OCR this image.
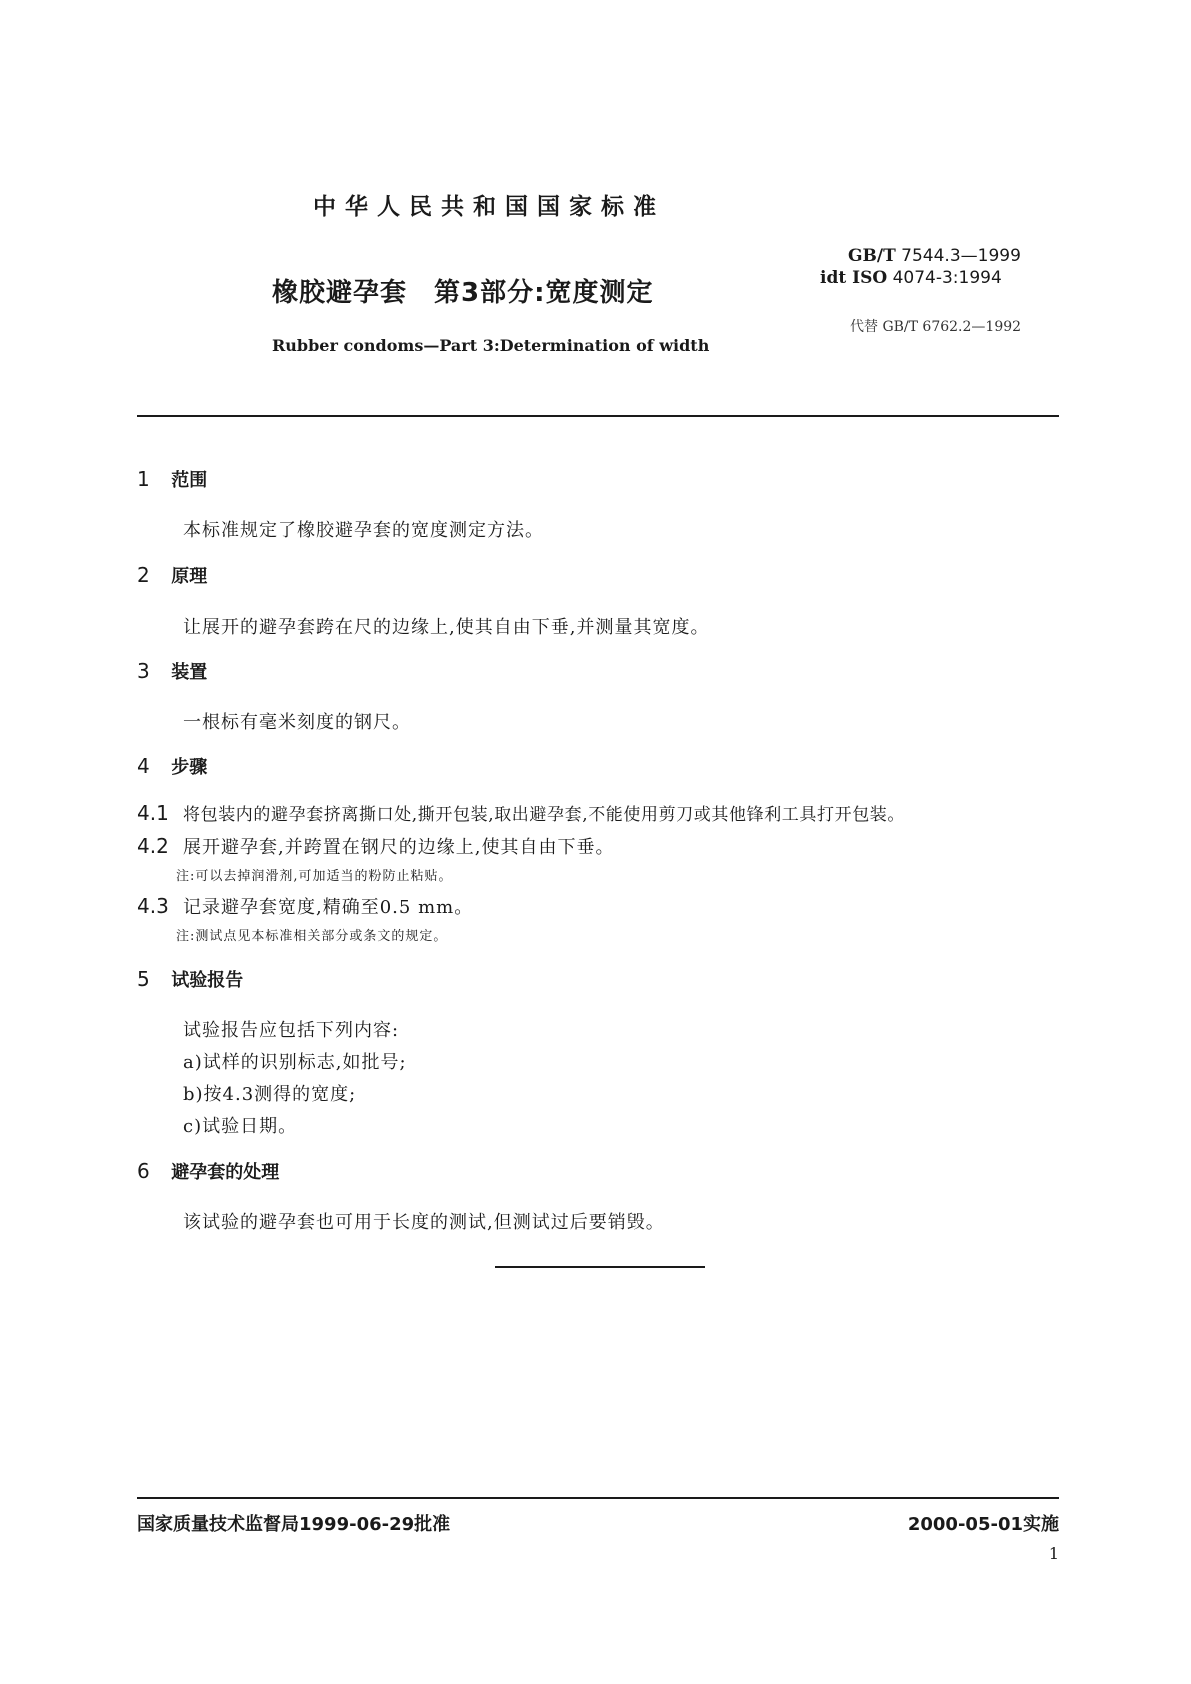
中华人民共和国国家标准
橡胶避孕套　第3部分:宽度测定
Rubber condoms—Part 3:Determination of width
GB/T 7544.3—1999
idt ISO 4074-3:1994
代替 GB/T 6762.2—1992
1 范围
本标准规定了橡胶避孕套的宽度测定方法。
2 原理
让展开的避孕套跨在尺的边缘上,使其自由下垂,并测量其宽度。
3 装置
一根标有毫米刻度的钢尺。
4 步骤
4.1 将包装内的避孕套挤离撕口处,撕开包装,取出避孕套,不能使用剪刀或其他锋利工具打开包装。
4.2 展开避孕套,并跨置在钢尺的边缘上,使其自由下垂。
注:可以去掉润滑剂,可加适当的粉防止粘贴。
4.3 记录避孕套宽度,精确至0.5 mm。
注:测试点见本标准相关部分或条文的规定。
5 试验报告
试验报告应包括下列内容:
a)试样的识别标志,如批号;
b)按4.3测得的宽度;
c)试验日期。
6 避孕套的处理
该试验的避孕套也可用于长度的测试,但测试过后要销毁。
国家质量技术监督局1999-06-29批准	2000-05-01实施
1
